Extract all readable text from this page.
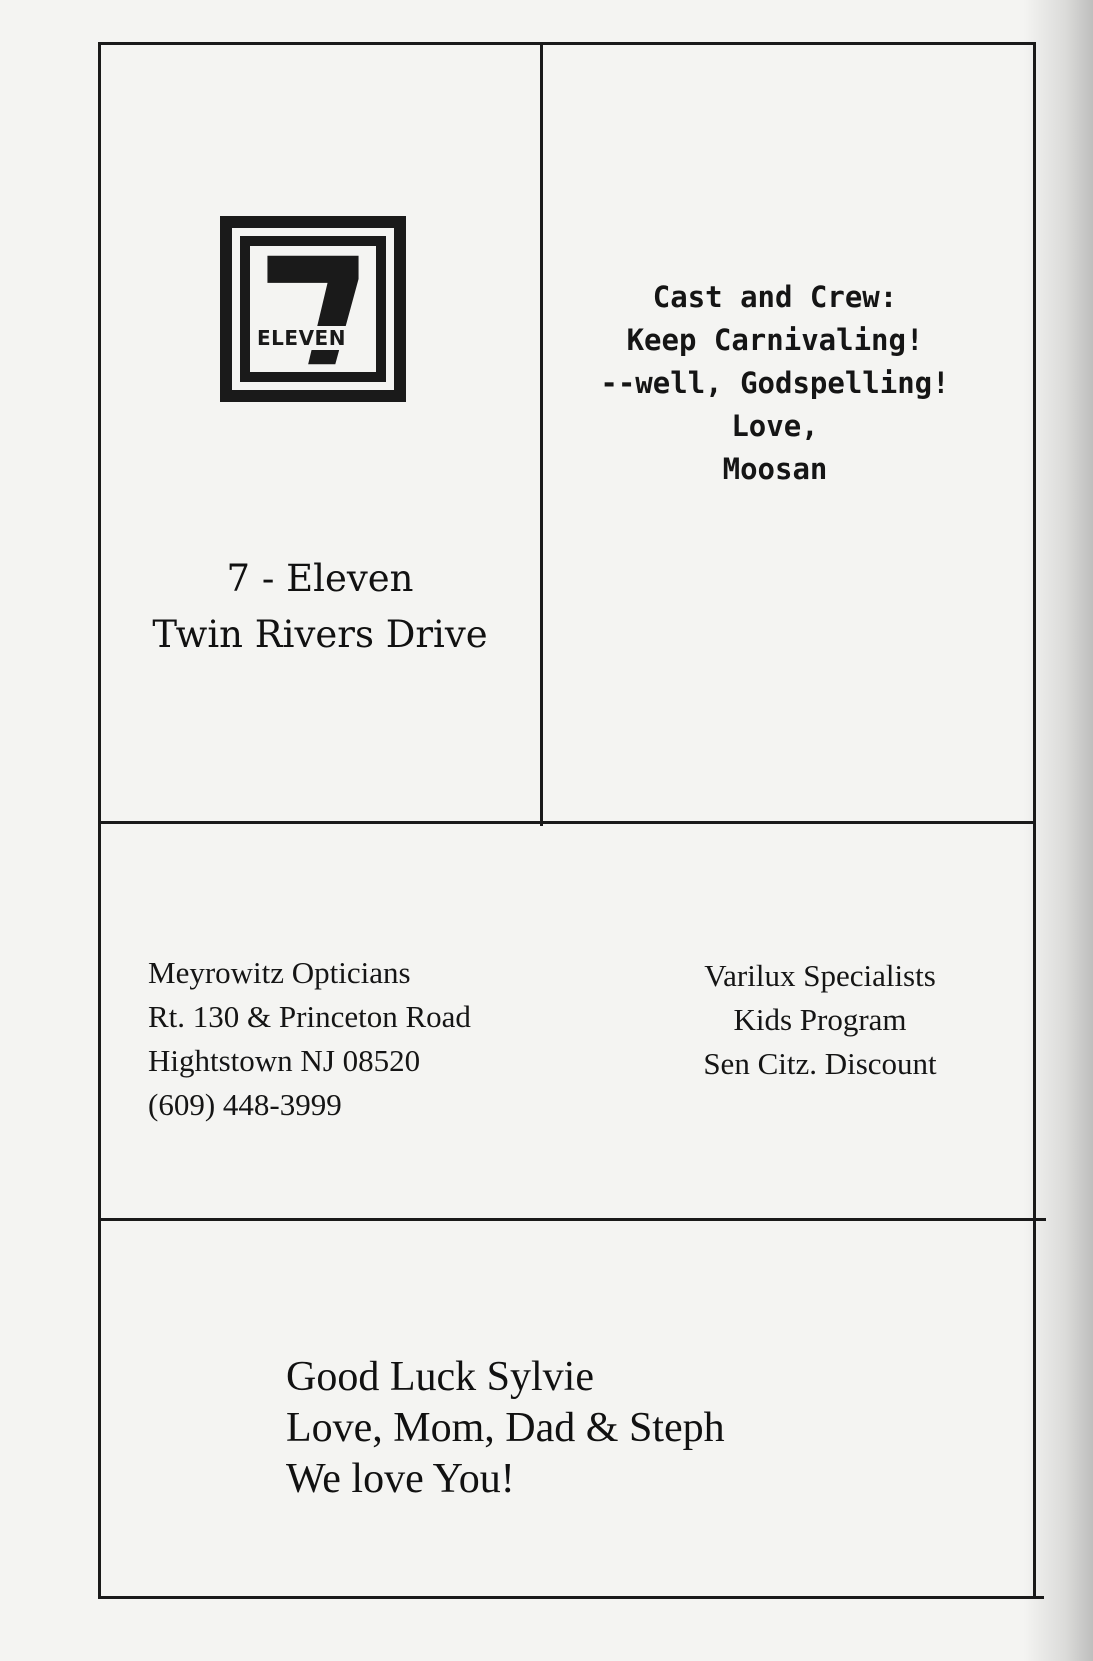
ELEVEN
7 - Eleven
Twin Rivers Drive
Cast and Crew:
Keep Carnivaling!
--well, Godspelling!
Love,
Moosan
Meyrowitz Opticians
Rt. 130 & Princeton Road
Hightstown NJ 08520
(609) 448-3999
Varilux Specialists
Kids Program
Sen Citz. Discount
Good Luck Sylvie
Love, Mom, Dad & Steph
We love You!
